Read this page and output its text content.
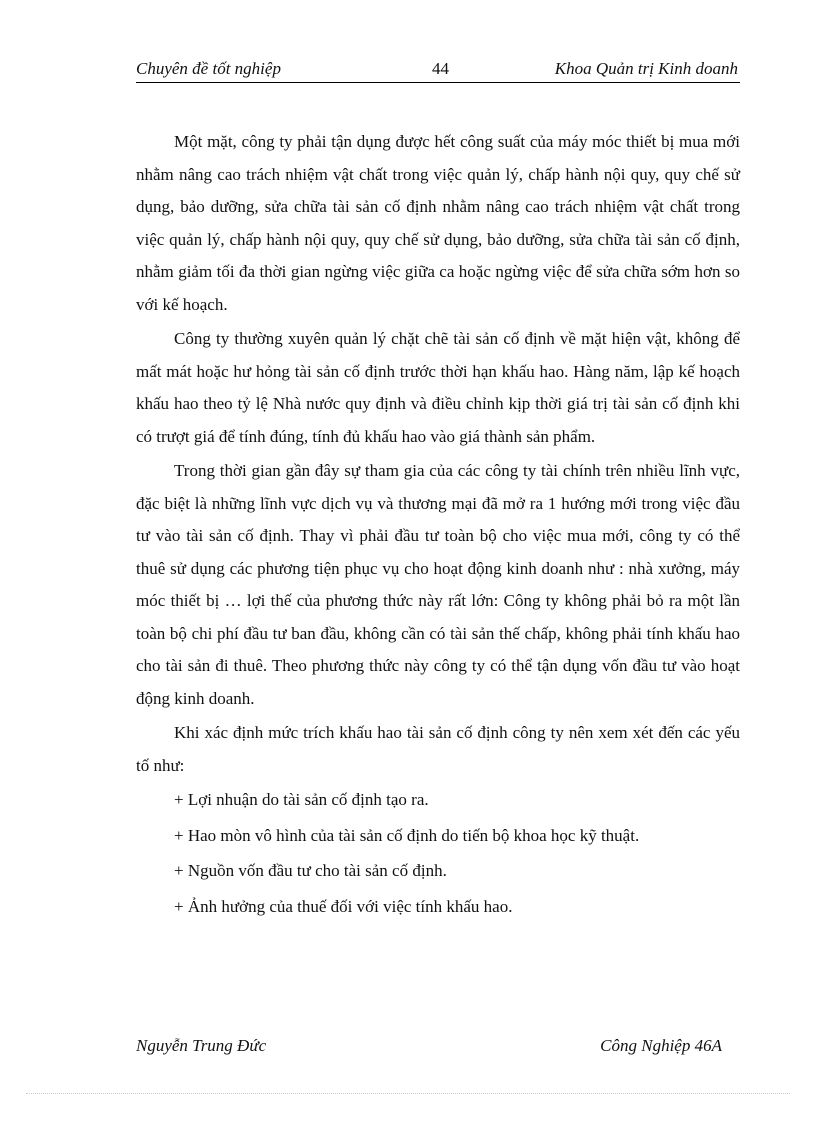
Chuyên đề tốt nghiệp	44	Khoa Quản trị Kinh doanh

Một mặt, công ty phải tận dụng được hết công suất của máy móc thiết bị mua mới nhằm nâng cao trách nhiệm vật chất trong việc quản lý, chấp hành nội quy, quy chế sử dụng, bảo dưỡng, sửa chữa tài sản cố định nhằm nâng cao trách nhiệm vật chất trong việc quản lý, chấp hành nội quy, quy chế sử dụng, bảo dưỡng, sửa chữa tài sản cố định, nhằm giảm tối đa thời gian ngừng việc giữa ca hoặc ngừng việc để sửa chữa sớm hơn so với kế hoạch.

Công ty thường xuyên quản lý chặt chẽ tài sản cố định về mặt hiện vật, không để mất mát hoặc hư hỏng tài sản cố định trước thời hạn khấu hao. Hàng năm, lập kế hoạch khấu hao theo tỷ lệ Nhà nước quy định và điều chỉnh kịp thời giá trị tài sản cố định khi có trượt giá để tính đúng, tính đủ khấu hao vào giá thành sản phẩm.

Trong thời gian gần đây sự tham gia của các công ty tài chính trên nhiều lĩnh vực, đặc biệt là những lĩnh vực dịch vụ và thương mại đã mở ra 1 hướng mới trong việc đầu tư vào tài sản cố định. Thay vì phải đầu tư toàn bộ cho việc mua mới, công ty có thể thuê sử dụng các phương tiện phục vụ cho hoạt động kinh doanh như : nhà xưởng, máy móc thiết bị … lợi thế của phương thức này rất lớn: Công ty không phải bỏ ra một lần toàn bộ chi phí đầu tư ban đầu, không cần có tài sản thế chấp, không phải tính khấu hao cho tài sản đi thuê. Theo phương thức này công ty có thể tận dụng vốn đầu tư vào hoạt động kinh doanh.

Khi xác định mức trích khấu hao tài sản cố định công ty nên xem xét đến các yếu tố như:

+ Lợi nhuận do tài sản cố định tạo ra.

+ Hao mòn vô hình của tài sản cố định do tiến bộ khoa học kỹ thuật.

+ Nguồn vốn đầu tư cho tài sản cố định.

+ Ảnh hưởng của thuế đối với việc tính khấu hao.

Nguyễn Trung Đức	Công Nghiệp 46A
